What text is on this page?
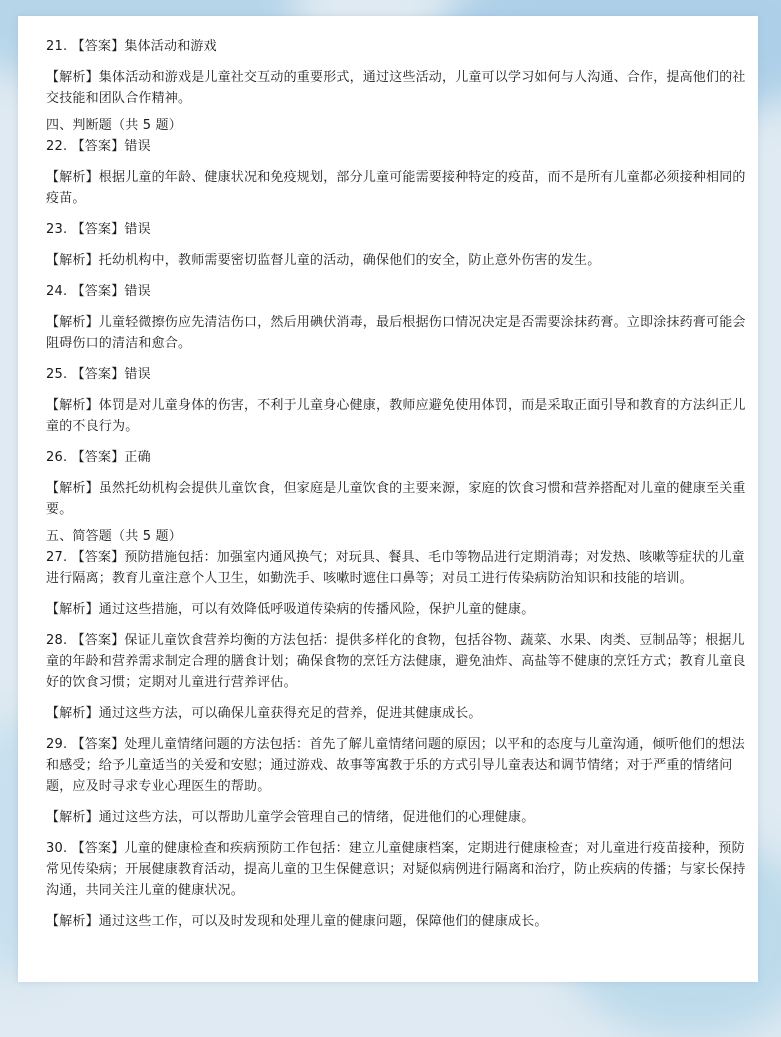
21. 【答案】集体活动和游戏

【解析】集体活动和游戏是儿童社交互动的重要形式，通过这些活动，儿童可以学习如何与人沟通、合作，提高他们的社交技能和团队合作精神。

四、判断题（共 5 题）

22. 【答案】错误

【解析】根据儿童的年龄、健康状况和免疫规划，部分儿童可能需要接种特定的疫苗，而不是所有儿童都必须接种相同的疫苗。

23. 【答案】错误

【解析】托幼机构中，教师需要密切监督儿童的活动，确保他们的安全，防止意外伤害的发生。

24. 【答案】错误

【解析】儿童轻微擦伤应先清洁伤口，然后用碘伏消毒，最后根据伤口情况决定是否需要涂抹药膏。立即涂抹药膏可能会阻碍伤口的清洁和愈合。

25. 【答案】错误

【解析】体罚是对儿童身体的伤害，不利于儿童身心健康，教师应避免使用体罚，而是采取正面引导和教育的方法纠正儿童的不良行为。

26. 【答案】正确

【解析】虽然托幼机构会提供儿童饮食，但家庭是儿童饮食的主要来源，家庭的饮食习惯和营养搭配对儿童的健康至关重要。

五、简答题（共 5 题）

27. 【答案】预防措施包括：加强室内通风换气；对玩具、餐具、毛巾等物品进行定期消毒；对发热、咳嗽等症状的儿童进行隔离；教育儿童注意个人卫生，如勤洗手、咳嗽时遮住口鼻等；对员工进行传染病防治知识和技能的培训。

【解析】通过这些措施，可以有效降低呼吸道传染病的传播风险，保护儿童的健康。

28. 【答案】保证儿童饮食营养均衡的方法包括：提供多样化的食物，包括谷物、蔬菜、水果、肉类、豆制品等；根据儿童的年龄和营养需求制定合理的膳食计划；确保食物的烹饪方法健康，避免油炸、高盐等不健康的烹饪方式；教育儿童良好的饮食习惯；定期对儿童进行营养评估。

【解析】通过这些方法，可以确保儿童获得充足的营养，促进其健康成长。

29. 【答案】处理儿童情绪问题的方法包括：首先了解儿童情绪问题的原因；以平和的态度与儿童沟通，倾听他们的想法和感受；给予儿童适当的关爱和安慰；通过游戏、故事等寓教于乐的方式引导儿童表达和调节情绪；对于严重的情绪问题，应及时寻求专业心理医生的帮助。

【解析】通过这些方法，可以帮助儿童学会管理自己的情绪，促进他们的心理健康。

30. 【答案】儿童的健康检查和疾病预防工作包括：建立儿童健康档案，定期进行健康检查；对儿童进行疫苗接种，预防常见传染病；开展健康教育活动，提高儿童的卫生保健意识；对疑似病例进行隔离和治疗，防止疾病的传播；与家长保持沟通，共同关注儿童的健康状况。

【解析】通过这些工作，可以及时发现和处理儿童的健康问题，保障他们的健康成长。
